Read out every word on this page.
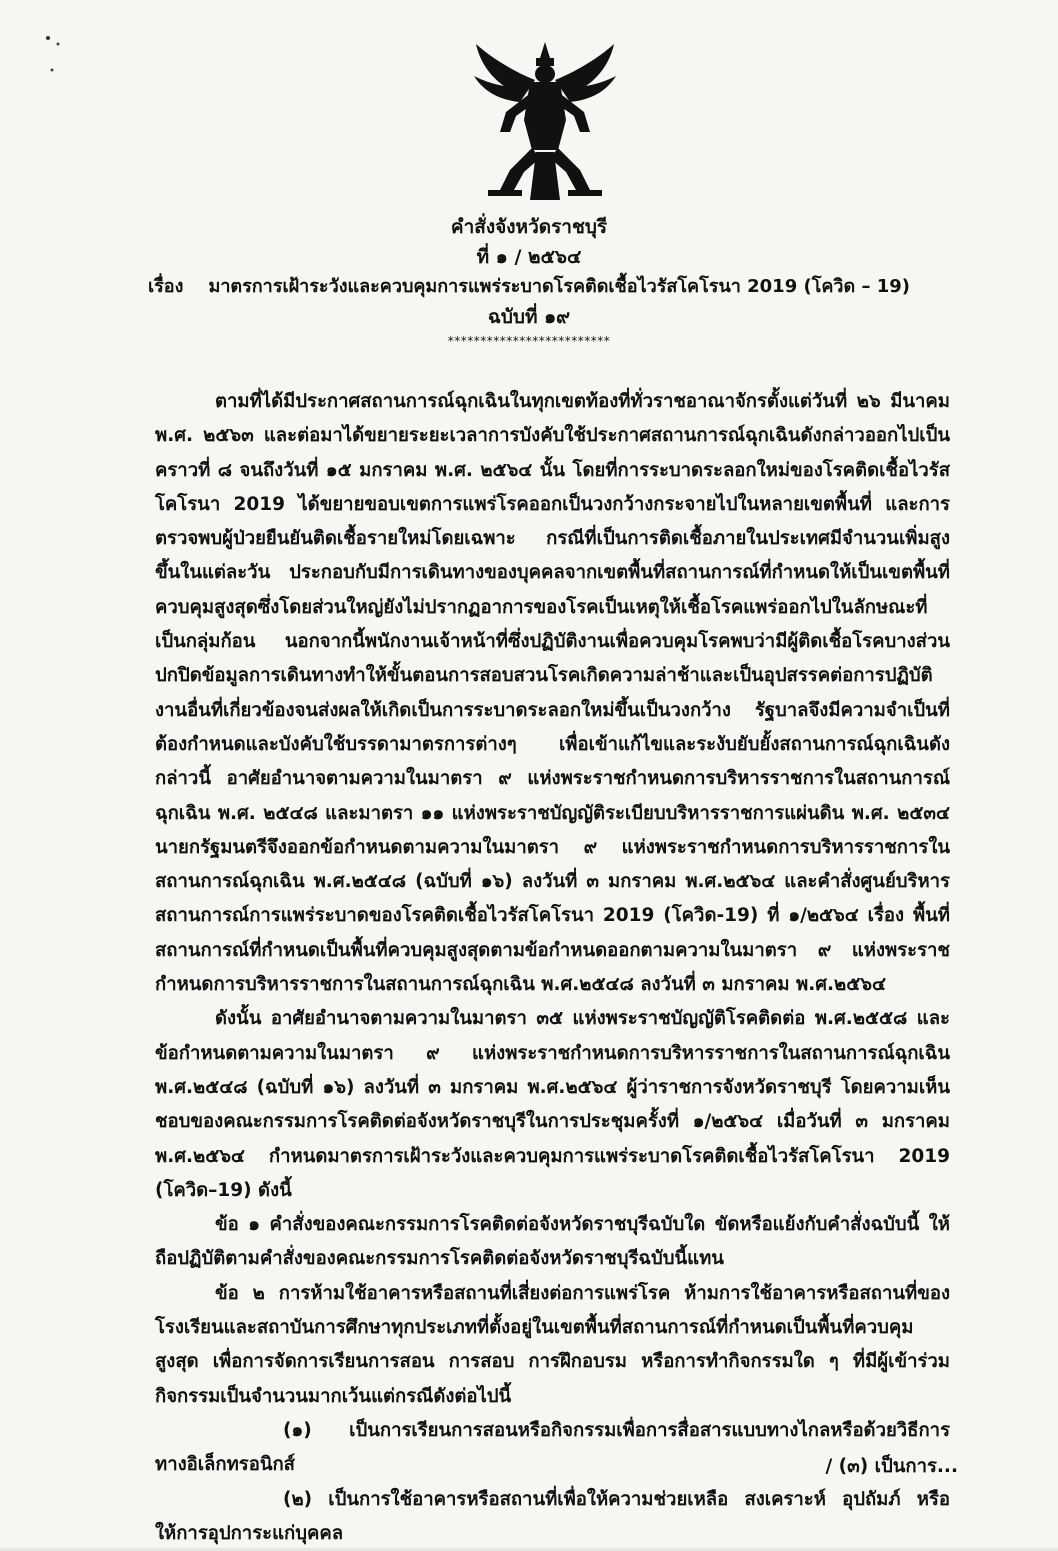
คำสั่งจังหวัดราชบุรี
ที่ ๑ / ๒๕๖๔
เรื่อง มาตรการเฝ้าระวังและควบคุมการแพร่ระบาดโรคติดเชื้อไวรัสโคโรนา 2019 (โควิด – 19)
ฉบับที่ ๑๙
*************************

ตามที่ได้มีประกาศสถานการณ์ฉุกเฉินในทุกเขตท้องที่ทั่วราชอาณาจักรตั้งแต่วันที่ ๒๖ มีนาคม พ.ศ. ๒๕๖๓ และต่อมาได้ขยายระยะเวลาการบังคับใช้ประกาศสถานการณ์ฉุกเฉินดังกล่าวออกไปเป็นคราวที่ ๘ จนถึงวันที่ ๑๕ มกราคม พ.ศ. ๒๕๖๔ นั้น โดยที่การระบาดระลอกใหม่ของโรคติดเชื้อไวรัสโคโรนา 2019 ได้ขยายขอบเขตการแพร่โรคออกเป็นวงกว้างกระจายไปในหลายเขตพื้นที่ และการตรวจพบผู้ป่วยยืนยันติดเชื้อรายใหม่โดยเฉพาะ กรณีที่เป็นการติดเชื้อภายในประเทศมีจำนวนเพิ่มสูงขึ้นในแต่ละวัน ประกอบกับมีการเดินทางของบุคคลจากเขตพื้นที่สถานการณ์ที่กำหนดให้เป็นเขตพื้นที่ควบคุมสูงสุดซึ่งโดยส่วนใหญ่ยังไม่ปรากฏอาการของโรคเป็นเหตุให้เชื้อโรคแพร่ออกไปในลักษณะที่เป็นกลุ่มก้อน นอกจากนี้พนักงานเจ้าหน้าที่ซึ่งปฏิบัติงานเพื่อควบคุมโรคพบว่ามีผู้ติดเชื้อโรคบางส่วนปกปิดข้อมูลการเดินทางทำให้ขั้นตอนการสอบสวนโรคเกิดความล่าช้าและเป็นอุปสรรคต่อการปฏิบัติงานอื่นที่เกี่ยวข้องจนส่งผลให้เกิดเป็นการระบาดระลอกใหม่ขึ้นเป็นวงกว้าง รัฐบาลจึงมีความจำเป็นที่ต้องกำหนดและบังคับใช้บรรดามาตรการต่างๆ เพื่อเข้าแก้ไขและระงับยับยั้งสถานการณ์ฉุกเฉินดังกล่าวนี้ อาศัยอำนาจตามความในมาตรา ๙ แห่งพระราชกำหนดการบริหารราชการในสถานการณ์ฉุกเฉิน พ.ศ. ๒๕๔๘ และมาตรา ๑๑ แห่งพระราชบัญญัติระเบียบบริหารราชการแผ่นดิน พ.ศ. ๒๕๓๔ นายกรัฐมนตรีจึงออกข้อกำหนดตามความในมาตรา ๙ แห่งพระราชกำหนดการบริหารราชการในสถานการณ์ฉุกเฉิน พ.ศ.๒๕๔๘ (ฉบับที่ ๑๖) ลงวันที่ ๓ มกราคม พ.ศ.๒๕๖๔ และคำสั่งศูนย์บริหารสถานการณ์การแพร่ระบาดของโรคติดเชื้อไวรัสโคโรนา 2019 (โควิด-19) ที่ ๑/๒๕๖๔ เรื่อง พื้นที่สถานการณ์ที่กำหนดเป็นพื้นที่ควบคุมสูงสุดตามข้อกำหนดออกตามความในมาตรา ๙ แห่งพระราชกำหนดการบริหารราชการในสถานการณ์ฉุกเฉิน พ.ศ.๒๕๔๘ ลงวันที่ ๓ มกราคม พ.ศ.๒๕๖๔

ดังนั้น อาศัยอำนาจตามความในมาตรา ๓๕ แห่งพระราชบัญญัติโรคติดต่อ พ.ศ.๒๕๕๘ และข้อกำหนดตามความในมาตรา ๙ แห่งพระราชกำหนดการบริหารราชการในสถานการณ์ฉุกเฉิน พ.ศ.๒๕๔๘ (ฉบับที่ ๑๖) ลงวันที่ ๓ มกราคม พ.ศ.๒๕๖๔ ผู้ว่าราชการจังหวัดราชบุรี โดยความเห็นชอบของคณะกรรมการโรคติดต่อจังหวัดราชบุรีในการประชุมครั้งที่ ๑/๒๕๖๔ เมื่อวันที่ ๓ มกราคม พ.ศ.๒๕๖๔ กำหนดมาตรการเฝ้าระวังและควบคุมการแพร่ระบาดโรคติดเชื้อไวรัสโคโรนา 2019 (โควิด–19) ดังนี้

ข้อ ๑ คำสั่งของคณะกรรมการโรคติดต่อจังหวัดราชบุรีฉบับใด ขัดหรือแย้งกับคำสั่งฉบับนี้ ให้ถือปฏิบัติตามคำสั่งของคณะกรรมการโรคติดต่อจังหวัดราชบุรีฉบับนี้แทน

ข้อ ๒ การห้ามใช้อาคารหรือสถานที่เสี่ยงต่อการแพร่โรค ห้ามการใช้อาคารหรือสถานที่ของโรงเรียนและสถาบันการศึกษาทุกประเภทที่ตั้งอยู่ในเขตพื้นที่สถานการณ์ที่กำหนดเป็นพื้นที่ควบคุมสูงสุด เพื่อการจัดการเรียนการสอน การสอบ การฝึกอบรม หรือการทำกิจกรรมใด ๆ ที่มีผู้เข้าร่วมกิจกรรมเป็นจำนวนมากเว้นแต่กรณีดังต่อไปนี้

(๑) เป็นการเรียนการสอนหรือกิจกรรมเพื่อการสื่อสารแบบทางไกลหรือด้วยวิธีการทางอิเล็กทรอนิกส์

(๒) เป็นการใช้อาคารหรือสถานที่เพื่อให้ความช่วยเหลือ สงเคราะห์ อุปถัมภ์ หรือ ให้การอุปการะแก่บุคคล

/ (๓) เป็นการ...
